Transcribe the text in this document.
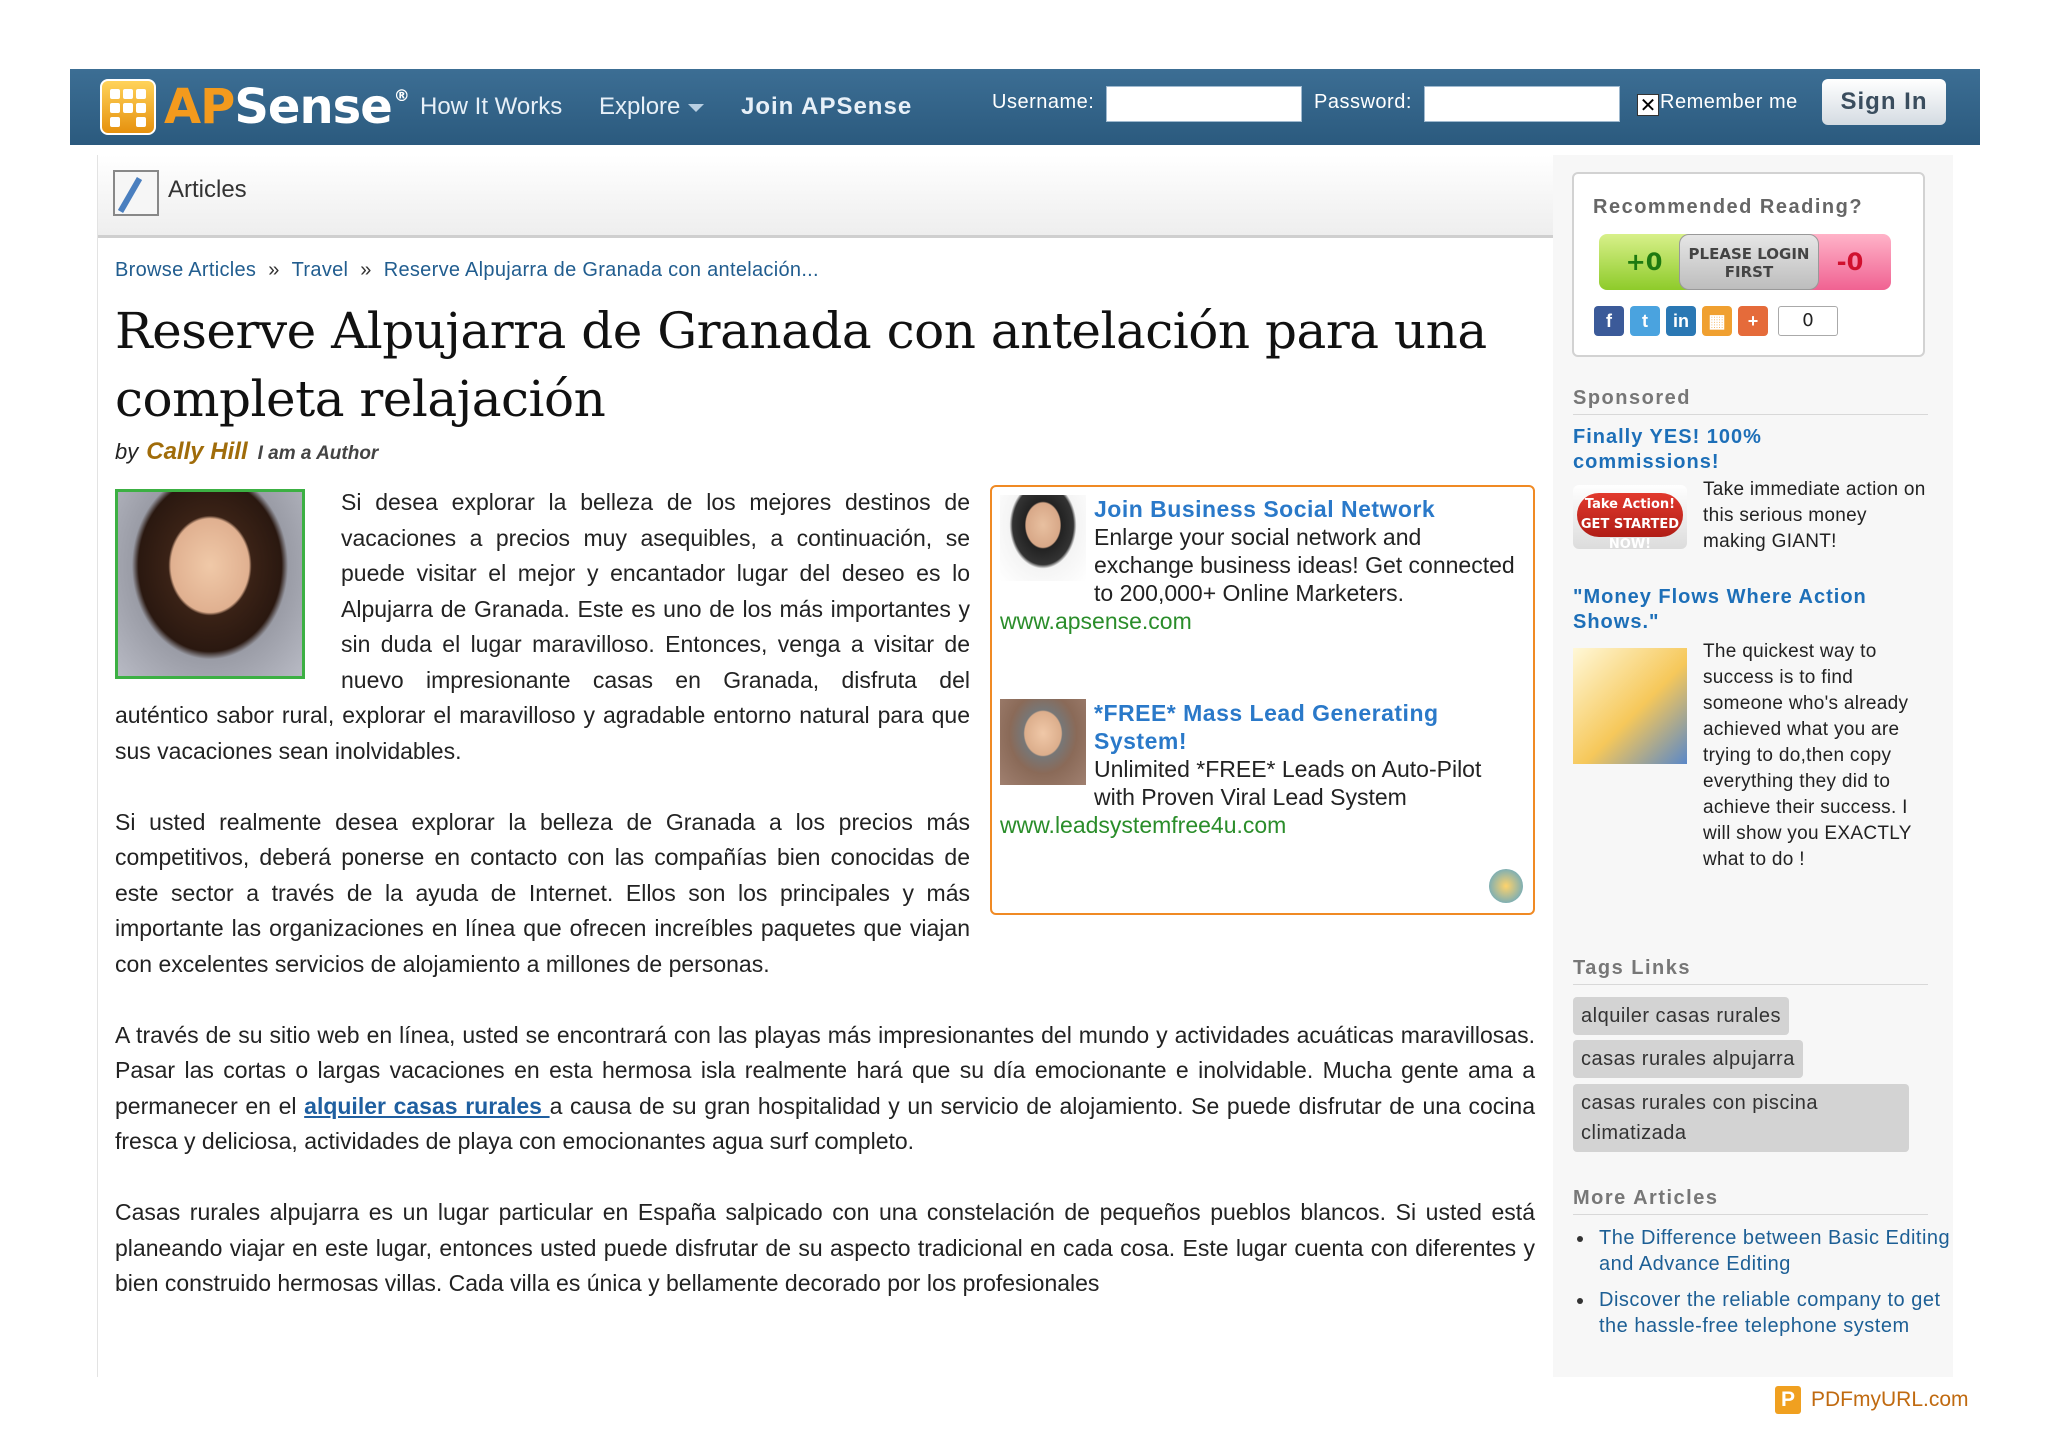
APSense ® How It Works Explore	Join APSense	Username:	Password:	✕ Remember me	Sign In
Articles
Browse Articles » Travel » Reserve Alpujarra de Granada con antelación...
Reserve Alpujarra de Granada con antelación para una completa relajación
by Cally Hill I am a Author
Join Business Social Network
Enlarge your social network and exchange business ideas! Get connected to 200,000+ Online Marketers.
www.apsense.com
*FREE* Mass Lead Generating System!
Unlimited *FREE* Leads on Auto-Pilot with Proven Viral Lead System
www.leadsystemfree4u.com

Si desea explorar la belleza de los mejores destinos de vacaciones a precios muy asequibles, a continuación, se puede visitar el mejor y encantador lugar del deseo es lo Alpujarra de Granada. Este es uno de los más importantes y sin duda el lugar maravilloso. Entonces, venga a visitar de nuevo impresionante casas en Granada, disfruta del auténtico sabor rural, explorar el maravilloso y agradable entorno natural para que sus vacaciones sean inolvidables.

Si usted realmente desea explorar la belleza de Granada a los precios más competitivos, deberá ponerse en contacto con las compañías bien conocidas de este sector a través de la ayuda de Internet. Ellos son los principales y más importante las organizaciones en línea que ofrecen increíbles paquetes que viajan con excelentes servicios de alojamiento a millones de personas.

A través de su sitio web en línea, usted se encontrará con las playas más impresionantes del mundo y actividades acuáticas maravillosas. Pasar las cortas o largas vacaciones en esta hermosa isla realmente hará que su día emocionante e inolvidable. Mucha gente ama a permanecer en el alquiler casas rurales a causa de su gran hospitalidad y un servicio de alojamiento. Se puede disfrutar de una cocina fresca y deliciosa, actividades de playa con emocionantes agua surf completo.

Casas rurales alpujarra es un lugar particular en España salpicado con una constelación de pequeños pueblos blancos. Si usted está planeando viajar en este lugar, entonces usted puede disfrutar de su aspecto tradicional en cada cosa. Este lugar cuenta con diferentes y bien construido hermosas villas. Cada villa es única y bellamente decorado por los profesionales

Recommended Reading?
+0	-0
PLEASE LOGIN
FIRST
f	t	in	▦	+	0
Sponsored
Finally YES! 100% commissions!
Take Action!
GET STARTED NOW!
Take immediate action on this serious money making GIANT!
"Money Flows Where Action Shows."
The quickest way to success is to find someone who's already achieved what you are trying to do,then copy everything they did to achieve their success. I will show you EXACTLY what to do !
Tags Links
alquiler casas rurales
casas rurales alpujarra
casas rurales con piscina climatizada
More Articles
• The Difference between Basic Editing and Advance Editing
• Discover the reliable company to get the hassle-free telephone system
P PDFmyURL.com
